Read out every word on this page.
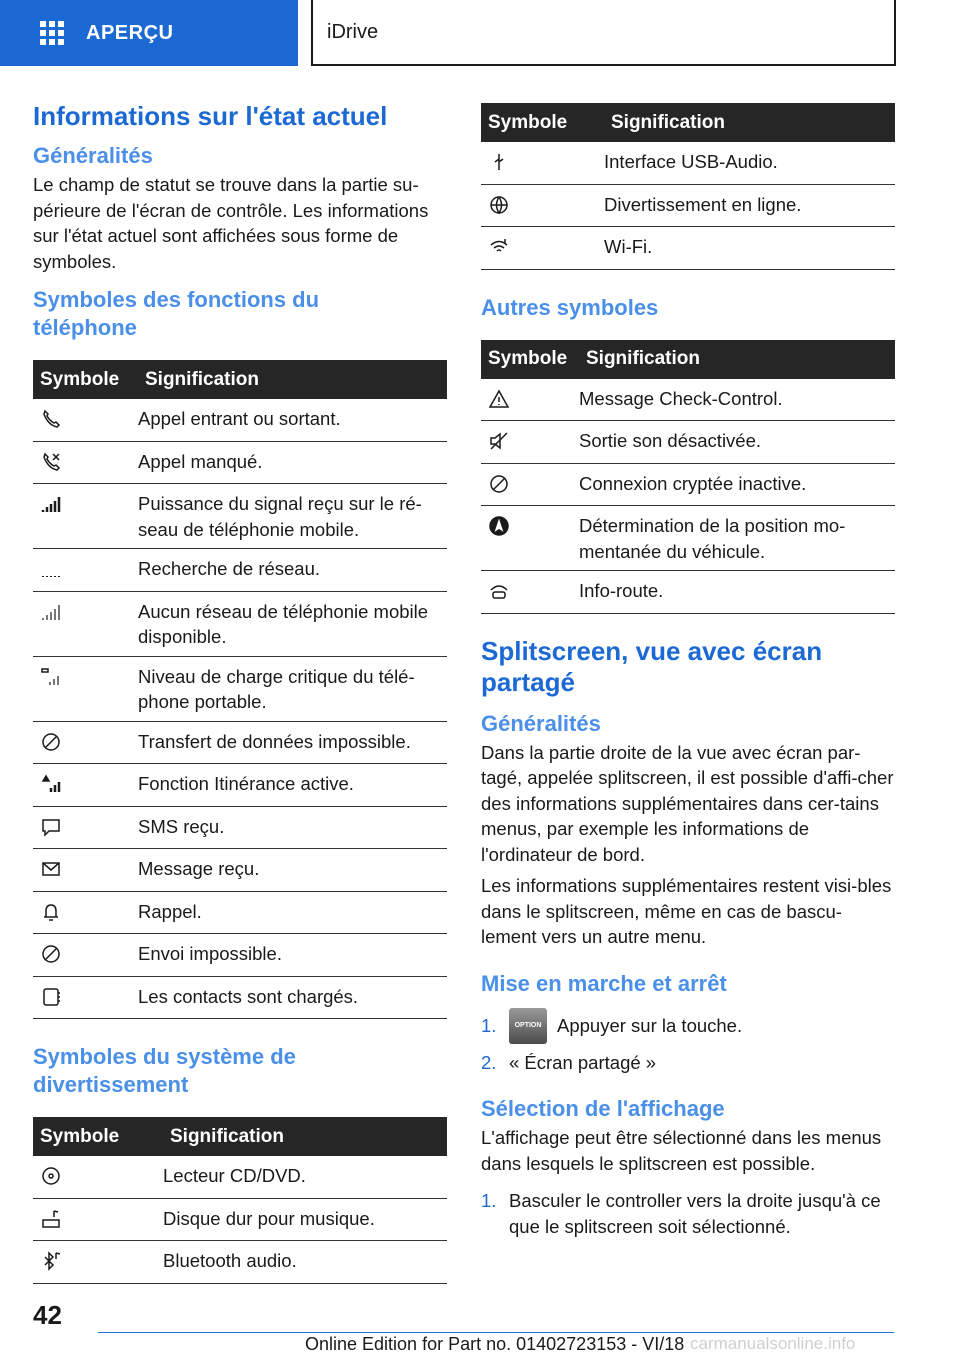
APERÇU	iDrive
Informations sur l'état actuel
Généralités

Le champ de statut se trouve dans la partie su-périeure de l'écran de contrôle. Les informations sur l'état actuel sont affichées sous forme de symboles.

Symboles des fonctions du téléphone
Symbole	Signification
	Appel entrant ou sortant.
	Appel manqué.
	Puissance du signal reçu sur le ré-seau de téléphonie mobile.
	Recherche de réseau.
	Aucun réseau de téléphonie mobile disponible.
	Niveau de charge critique du télé-phone portable.
	Transfert de données impossible.
	Fonction Itinérance active.
	SMS reçu.
	Message reçu.
	Rappel.
	Envoi impossible.
	Les contacts sont chargés.
Symboles du système de divertissement
Symbole	Signification
	Lecteur CD/DVD.
	Disque dur pour musique.
	Bluetooth audio.
Symbole	Signification
	Interface USB-Audio.
	Divertissement en ligne.
	Wi-Fi.
Autres symboles
Symbole	Signification
	Message Check-Control.
	Sortie son désactivée.
	Connexion cryptée inactive.
	Détermination de la position mo-mentanée du véhicule.
	Info-route.
Splitscreen, vue avec écran partagé
Généralités

Dans la partie droite de la vue avec écran par-tagé, appelée splitscreen, il est possible d'affi-cher des informations supplémentaires dans cer-tains menus, par exemple les informations de l'ordinateur de bord.

Les informations supplémentaires restent visi-bles dans le splitscreen, même en cas de bascu-lement vers un autre menu.

Mise en marche et arrêt
1.	OPTION Appuyer sur la touche.
2. « Écran partagé »
Sélection de l'affichage

L'affichage peut être sélectionné dans les menus dans lesquels le splitscreen est possible.

1. Basculer le controller vers la droite jusqu'à ce que le splitscreen soit sélectionné.
42
Online Edition for Part no. 01402723153 - VI/18 carmanualsonline.info
